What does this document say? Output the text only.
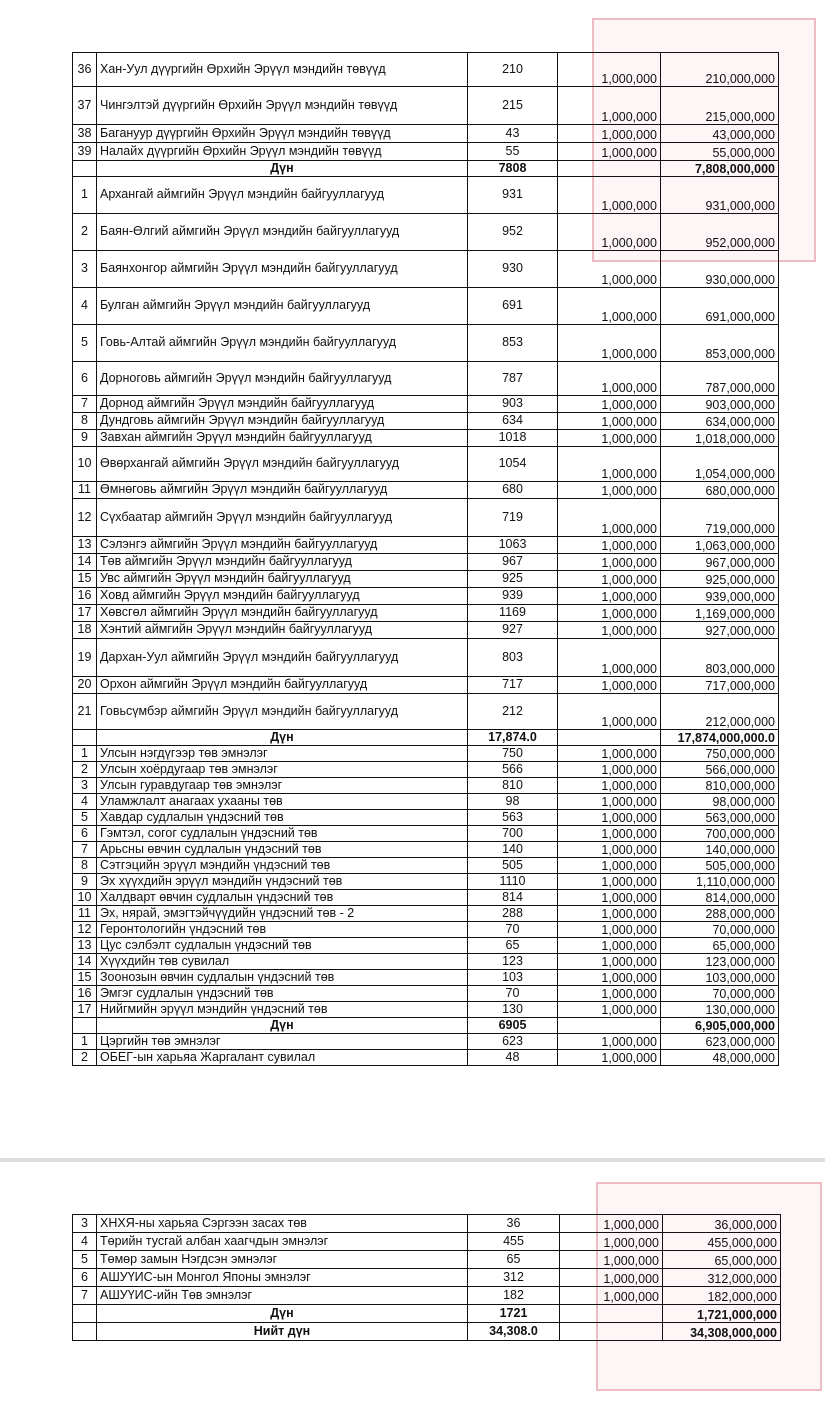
36	Хан-Уул дүүргийн Өрхийн Эрүүл мэндийн төвүүд	210	1,000,000	210,000,000
37	Чингэлтэй дүүргийн Өрхийн Эрүүл мэндийн төвүүд	215	1,000,000	215,000,000
38	Багануур дүүргийн Өрхийн Эрүүл мэндийн төвүүд	43	1,000,000	43,000,000
39	Налайх дүүргийн Өрхийн Эрүүл мэндийн төвүүд	55	1,000,000	55,000,000
	Дүн	7808		7,808,000,000
1	Архангай аймгийн Эрүүл мэндийн байгууллагууд	931	1,000,000	931,000,000
2	Баян-Өлгий аймгийн Эрүүл мэндийн байгууллагууд	952	1,000,000	952,000,000
3	Баянхонгор аймгийн Эрүүл мэндийн байгууллагууд	930	1,000,000	930,000,000
4	Булган аймгийн Эрүүл мэндийн байгууллагууд	691	1,000,000	691,000,000
5	Говь-Алтай аймгийн Эрүүл мэндийн байгууллагууд	853	1,000,000	853,000,000
6	Дорноговь аймгийн Эрүүл мэндийн байгууллагууд	787	1,000,000	787,000,000
7	Дорнод аймгийн Эрүүл мэндийн байгууллагууд	903	1,000,000	903,000,000
8	Дундговь аймгийн Эрүүл мэндийн байгууллагууд	634	1,000,000	634,000,000
9	Завхан аймгийн Эрүүл мэндийн байгууллагууд	1018	1,000,000	1,018,000,000
10	Өвөрхангай аймгийн Эрүүл мэндийн байгууллагууд	1054	1,000,000	1,054,000,000
11	Өмнөговь аймгийн Эрүүл мэндийн байгууллагууд	680	1,000,000	680,000,000
12	Сүхбаатар аймгийн Эрүүл мэндийн байгууллагууд	719	1,000,000	719,000,000
13	Сэлэнгэ аймгийн Эрүүл мэндийн байгууллагууд	1063	1,000,000	1,063,000,000
14	Төв аймгийн Эрүүл мэндийн байгууллагууд	967	1,000,000	967,000,000
15	Увс аймгийн Эрүүл мэндийн байгууллагууд	925	1,000,000	925,000,000
16	Ховд аймгийн Эрүүл мэндийн байгууллагууд	939	1,000,000	939,000,000
17	Хөвсгөл аймгийн Эрүүл мэндийн байгууллагууд	1169	1,000,000	1,169,000,000
18	Хэнтий аймгийн Эрүүл мэндийн байгууллагууд	927	1,000,000	927,000,000
19	Дархан-Уул аймгийн Эрүүл мэндийн байгууллагууд	803	1,000,000	803,000,000
20	Орхон аймгийн Эрүүл мэндийн байгууллагууд	717	1,000,000	717,000,000
21	Говьсүмбэр аймгийн Эрүүл мэндийн байгууллагууд	212	1,000,000	212,000,000
	Дүн	17,874.0		17,874,000,000.0
1	Улсын нэгдүгээр төв эмнэлэг	750	1,000,000	750,000,000
2	Улсын хоёрдугаар төв эмнэлэг	566	1,000,000	566,000,000
3	Улсын гуравдугаар төв эмнэлэг	810	1,000,000	810,000,000
4	Уламжлалт анагаах ухааны төв	98	1,000,000	98,000,000
5	Хавдар судлалын үндэсний төв	563	1,000,000	563,000,000
6	Гэмтэл, согог судлалын үндэсний төв	700	1,000,000	700,000,000
7	Арьсны өвчин судлалын үндэсний төв	140	1,000,000	140,000,000
8	Сэтгэцийн эрүүл мэндийн үндэсний төв	505	1,000,000	505,000,000
9	Эх хүүхдийн эрүүл мэндийн үндэсний төв	1110	1,000,000	1,110,000,000
10	Халдварт өвчин судлалын үндэсний төв	814	1,000,000	814,000,000
11	Эх, нярай, эмэгтэйчүүдийн үндэсний төв - 2	288	1,000,000	288,000,000
12	Геронтологийн үндэсний төв	70	1,000,000	70,000,000
13	Цус сэлбэлт судлалын үндэсний төв	65	1,000,000	65,000,000
14	Хүүхдийн төв сувилал	123	1,000,000	123,000,000
15	Зоонозын өвчин судлалын үндэсний төв	103	1,000,000	103,000,000
16	Эмгэг судлалын үндэсний төв	70	1,000,000	70,000,000
17	Нийгмийн эрүүл мэндийн үндэсний төв	130	1,000,000	130,000,000
	Дүн	6905		6,905,000,000
1	Цэргийн төв эмнэлэг	623	1,000,000	623,000,000
2	ОБЕГ-ын харьяа Жаргалант сувилал	48	1,000,000	48,000,000
3	ХНХЯ-ны харьяа Сэргээн засах төв	36	1,000,000	36,000,000
4	Төрийн тусгай албан хаагчдын эмнэлэг	455	1,000,000	455,000,000
5	Төмөр замын Нэгдсэн эмнэлэг	65	1,000,000	65,000,000
6	АШУҮИС-ын Монгол Японы эмнэлэг	312	1,000,000	312,000,000
7	АШУҮИС-ийн Төв эмнэлэг	182	1,000,000	182,000,000
	Дүн	1721		1,721,000,000
	Нийт дүн	34,308.0		34,308,000,000
